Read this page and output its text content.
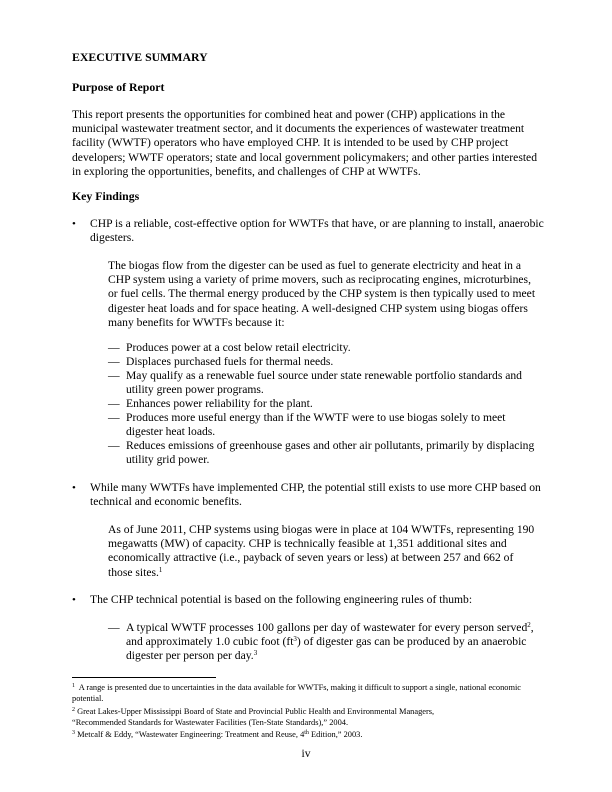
EXECUTIVE SUMMARY

Purpose of Report

This report presents the opportunities for combined heat and power (CHP) applications in the municipal wastewater treatment sector, and it documents the experiences of wastewater treatment facility (WWTF) operators who have employed CHP. It is intended to be used by CHP project developers; WWTF operators; state and local government policymakers; and other parties interested in exploring the opportunities, benefits, and challenges of CHP at WWTFs.

Key Findings

• CHP is a reliable, cost-effective option for WWTFs that have, or are planning to install, anaerobic digesters.

The biogas flow from the digester can be used as fuel to generate electricity and heat in a CHP system using a variety of prime movers, such as reciprocating engines, microturbines, or fuel cells. The thermal energy produced by the CHP system is then typically used to meet digester heat loads and for space heating. A well-designed CHP system using biogas offers many benefits for WWTFs because it:

— Produces power at a cost below retail electricity.
— Displaces purchased fuels for thermal needs.
— May qualify as a renewable fuel source under state renewable portfolio standards and utility green power programs.
— Enhances power reliability for the plant.
— Produces more useful energy than if the WWTF were to use biogas solely to meet digester heat loads.
— Reduces emissions of greenhouse gases and other air pollutants, primarily by displacing utility grid power.
• While many WWTFs have implemented CHP, the potential still exists to use more CHP based on technical and economic benefits.

As of June 2011, CHP systems using biogas were in place at 104 WWTFs, representing 190 megawatts (MW) of capacity. CHP is technically feasible at 1,351 additional sites and economically attractive (i.e., payback of seven years or less) at between 257 and 662 of those sites.$^1$

• The CHP technical potential is based on the following engineering rules of thumb:
— A typical WWTF processes 100 gallons per day of wastewater for every person served$^2$, and approximately 1.0 cubic foot $(ft^3)$ of digester gas can be produced by an anaerobic digester per person per day.$^3$

$^1$ A range is presented due to uncertainties in the data available for WWTFs, making it difficult to support a single, national economic potential.

$^2$ Great Lakes-Upper Mississippi Board of State and Provincial Public Health and Environmental Managers,
“Recommended Standards for Wastewater Facilities (Ten-State Standards),” 2004.

$^3$ Metcalf & Eddy, “Wastewater Engineering: Treatment and Reuse, 4th Edition,” 2003.

iv
